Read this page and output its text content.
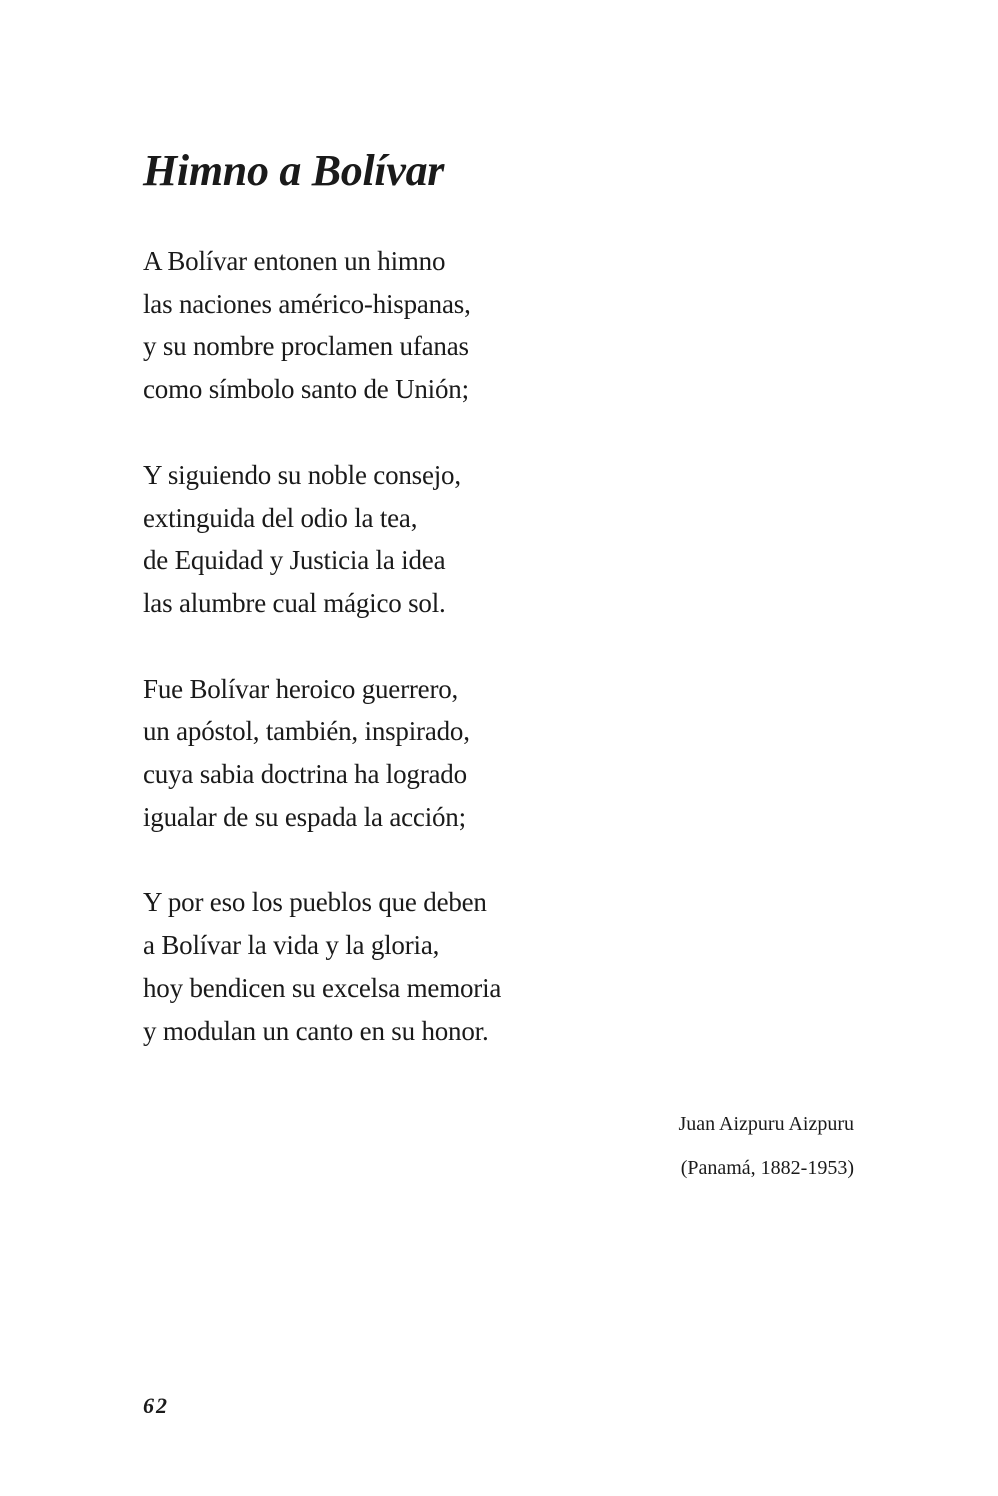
Himno a Bolívar
A Bolívar entonen un himno
las naciones américo-hispanas,
y su nombre proclamen ufanas
como símbolo santo de Unión;
Y siguiendo su noble consejo,
extinguida del odio la tea,
de Equidad y Justicia la idea
las alumbre cual mágico sol.
Fue Bolívar heroico guerrero,
un apóstol, también, inspirado,
cuya sabia doctrina ha logrado
igualar de su espada la acción;
Y por eso los pueblos que deben
a Bolívar la vida y la gloria,
hoy bendicen su excelsa memoria
y modulan un canto en su honor.
Juan Aizpuru Aizpuru
(Panamá, 1882-1953)
62
